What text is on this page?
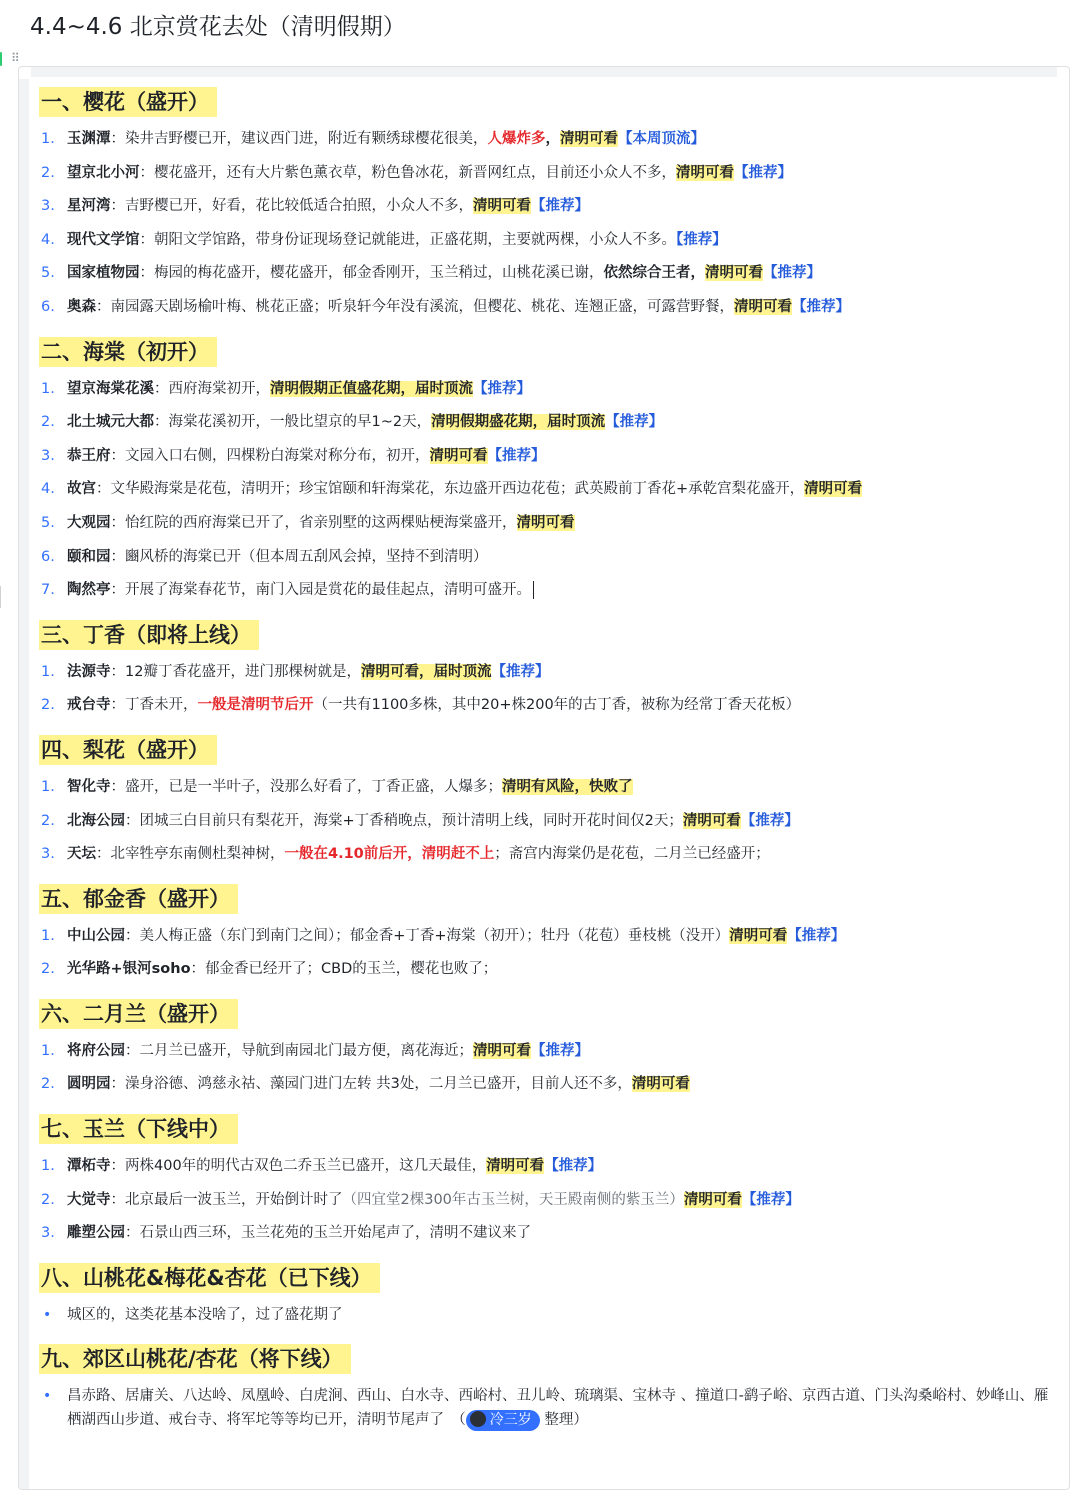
4.4~4.6 北京赏花去处（清明假期）
⠿
一、樱花（盛开）
1. 玉渊潭：染井吉野樱已开，建议西门进，附近有颗绣球樱花很美，人爆炸多，清明可看【本周顶流】
2. 望京北小河：樱花盛开，还有大片紫色薰衣草，粉色鲁冰花，新晋网红点，目前还小众人不多，清明可看【推荐】
3. 星河湾：吉野樱已开，好看，花比较低适合拍照，小众人不多，清明可看【推荐】
4. 现代文学馆：朝阳文学馆路，带身份证现场登记就能进，正盛花期，主要就两棵，小众人不多。【推荐】
5. 国家植物园：梅园的梅花盛开，樱花盛开，郁金香刚开，玉兰稍过，山桃花溪已谢，依然综合王者，清明可看【推荐】
6. 奥森：南园露天剧场榆叶梅、桃花正盛；听泉轩今年没有溪流，但樱花、桃花、连翘正盛，可露营野餐，清明可看【推荐】
二、海棠（初开）
1. 望京海棠花溪：西府海棠初开，清明假期正值盛花期，届时顶流【推荐】
2. 北土城元大都：海棠花溪初开，一般比望京的早1~2天，清明假期盛花期，届时顶流【推荐】
3. 恭王府：文园入口右侧，四棵粉白海棠对称分布，初开，清明可看【推荐】
4. 故宫：文华殿海棠是花苞，清明开；珍宝馆颐和轩海棠花，东边盛开西边花苞；武英殿前丁香花+承乾宫梨花盛开，清明可看
5. 大观园：怡红院的西府海棠已开了，省亲别墅的这两棵贴梗海棠盛开，清明可看
6. 颐和园：豳风桥的海棠已开（但本周五刮风会掉，坚持不到清明）
7. 陶然亭：开展了海棠春花节，南门入园是赏花的最佳起点，清明可盛开。
三、丁香（即将上线）
1. 法源寺：12瓣丁香花盛开，进门那棵树就是，清明可看，届时顶流【推荐】
2. 戒台寺：丁香未开，一般是清明节后开（一共有1100多株，其中20+株200年的古丁香，被称为经常丁香天花板）
四、梨花（盛开）
1. 智化寺：盛开，已是一半叶子，没那么好看了，丁香正盛，人爆多；清明有风险，快败了
2. 北海公园：团城三白目前只有梨花开，海棠+丁香稍晚点，预计清明上线，同时开花时间仅2天；清明可看【推荐】
3. 天坛：北宰牲亭东南侧杜梨神树，一般在4.10前后开，清明赶不上；斋宫内海棠仍是花苞，二月兰已经盛开；
五、郁金香（盛开）
1. 中山公园：美人梅正盛（东门到南门之间）；郁金香+丁香+海棠（初开）；牡丹（花苞）垂枝桃（没开）清明可看【推荐】
2. 光华路+银河soho：郁金香已经开了；CBD的玉兰，樱花也败了；
六、二月兰（盛开）
1. 将府公园：二月兰已盛开，导航到南园北门最方便，离花海近；清明可看【推荐】
2. 圆明园：澡身浴德、鸿慈永祜、藻园门进门左转 共3处，二月兰已盛开，目前人还不多，清明可看
七、玉兰（下线中）
1. 潭柘寺：两株400年的明代古双色二乔玉兰已盛开，这几天最佳，清明可看【推荐】
2. 大觉寺：北京最后一波玉兰，开始倒计时了（四宜堂2棵300年古玉兰树，天王殿南侧的紫玉兰）清明可看【推荐】
3. 雕塑公园：石景山西三环，玉兰花苑的玉兰开始尾声了，清明不建议来了
八、山桃花&梅花&杏花（已下线）
• 城区的，这类花基本没啥了，过了盛花期了
九、郊区山桃花/杏花（将下线）
• 昌赤路、居庸关、八达岭、凤凰岭、白虎涧、西山、白水寺、西峪村、丑儿岭、琉璃渠、宝林寺 、撞道口-鹞子峪、京西古道、门头沟桑峪村、妙峰山、雁栖湖西山步道、戒台寺、将军坨等等均已开，清明节尾声了　（ 冷三岁 整理）
